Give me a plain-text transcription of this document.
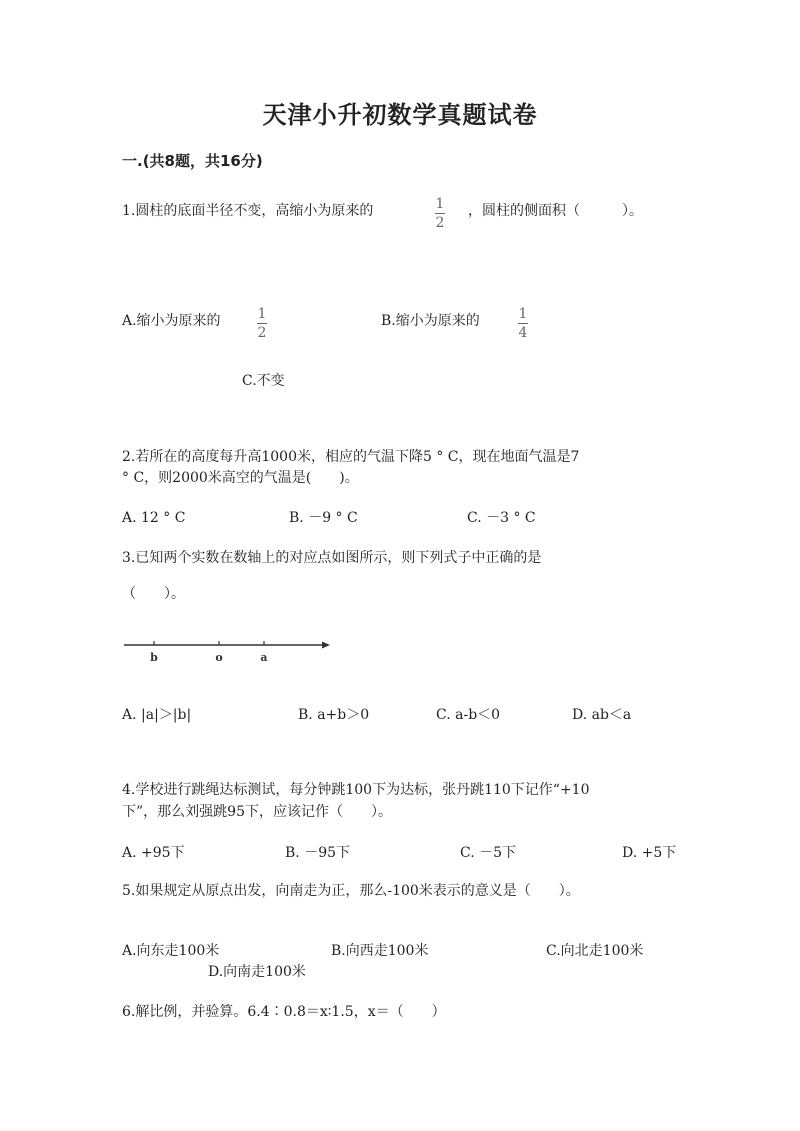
天津小升初数学真题试卷
一.(共8题，共16分)
1.圆柱的底面半径不变，高缩小为原来的	1
2
，圆柱的侧面积（　　　）。
A.缩小为原来的	1
2
B.缩小为原来的	1
4
C.不变
2.若所在的高度每升高1000米，相应的气温下降5 ° C，现在地面气温是7
° C，则2000米高空的气温是(　　)。
A. 12 ° C	B. －9 ° C	C. －3 ° C
3.已知两个实数在数轴上的对应点如图所示，则下列式子中正确的是
（　　）。
b	o	a
A. |a|＞|b|	B. a+b＞0	C. a-b＜0	D. ab＜a
4.学校进行跳绳达标测试，每分钟跳100下为达标，张丹跳110下记作“+10
下”，那么刘强跳95下，应该记作（　　）。
A. +95下	B. －95下	C. －5下	D. +5下
5.如果规定从原点出发，向南走为正，那么-100米表示的意义是（　　）。
A.向东走100米	B.向西走100米	C.向北走100米
D.向南走100米
6.解比例，并验算。6.4∶0.8＝x∶1.5，x＝（　　）
